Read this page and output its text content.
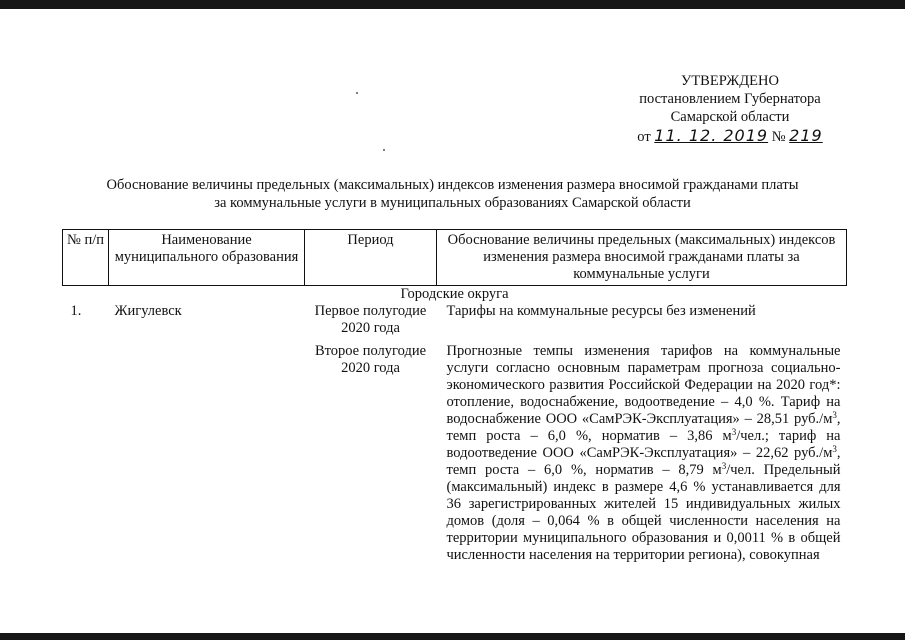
УТВЕРЖДЕНО
постановлением Губернатора
Самарской области
от 11. 12. 2019 № 219
Обоснование величины предельных (максимальных) индексов изменения размера вносимой гражданами платы
за коммунальные услуги в муниципальных образованиях Самарской области
№ п/п	Наименование муниципального образования	Период	Обоснование величины предельных (максимальных) индексов изменения размера вносимой гражданами платы за коммунальные услуги
Городские округа			
1.	Жигулевск	Первое полугодие 2020 года	Тарифы на коммунальные ресурсы без изменений

		Второе полугодие 2020 года	Прогнозные темпы изменения тарифов на коммунальные услуги согласно основным параметрам прогноза социально-экономического развития Российской Федерации на 2020 год*: отопление, водоснабжение, водоотведение – 4,0 %. Тариф на водоснабжение ООО «СамРЭК-Эксплуатация» – 28,51 $руб./м^3$, темп роста – 6,0 %, норматив – 3,86 $м^3$/чел.; тариф на водоотведение ООО «СамРЭК-Эксплуатация» – 22,62 $руб./м^3$, темп роста – 6,0 %, норматив – 8,79 $м^3$/чел. Предельный (максимальный) индекс в размере 4,6 % устанавливается для 36 зарегистрированных жителей 15 индивидуальных жилых домов (доля – 0,064 % в общей численности населения на территории муниципального образования и 0,0011 % в общей численности населения на территории региона), совокупная
